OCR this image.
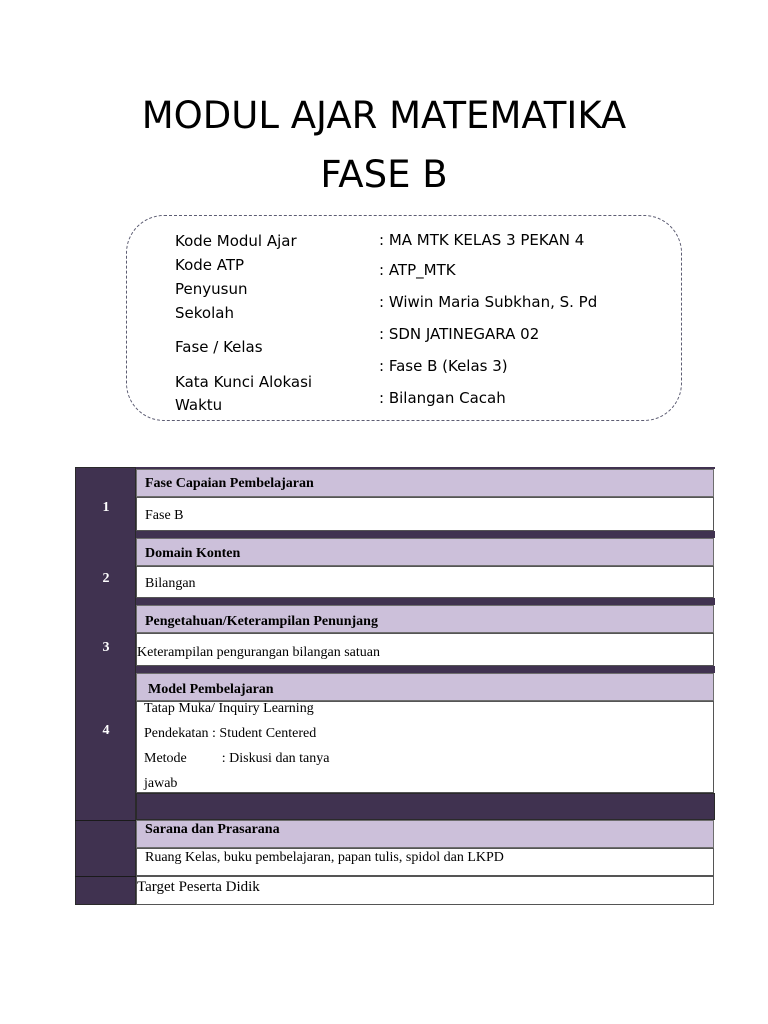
MODUL AJAR MATEMATIKA
FASE B
Kode Modul Ajar
Kode ATP
Penyusun
Sekolah
Fase / Kelas
Kata Kunci Alokasi Waktu
: MA MTK KELAS 3 PEKAN 4
: ATP_MTK
: Wiwin Maria Subkhan, S. Pd
: SDN JATINEGARA 02
: Fase B (Kelas 3)
: Bilangan Cacah
Fase Capaian Pembelajaran
Fase B
1
Domain Konten
Bilangan
2
Pengetahuan/Keterampilan Penunjang
Keterampilan pengurangan bilangan satuan
3
Model Pembelajaran
Tatap Muka/ Inquiry Learning
Pendekatan : Student Centered
Metode          : Diskusi dan tanya
jawab
4
Sarana dan Prasarana
Ruang Kelas, buku pembelajaran, papan tulis, spidol dan LKPD
Target Peserta Didik
